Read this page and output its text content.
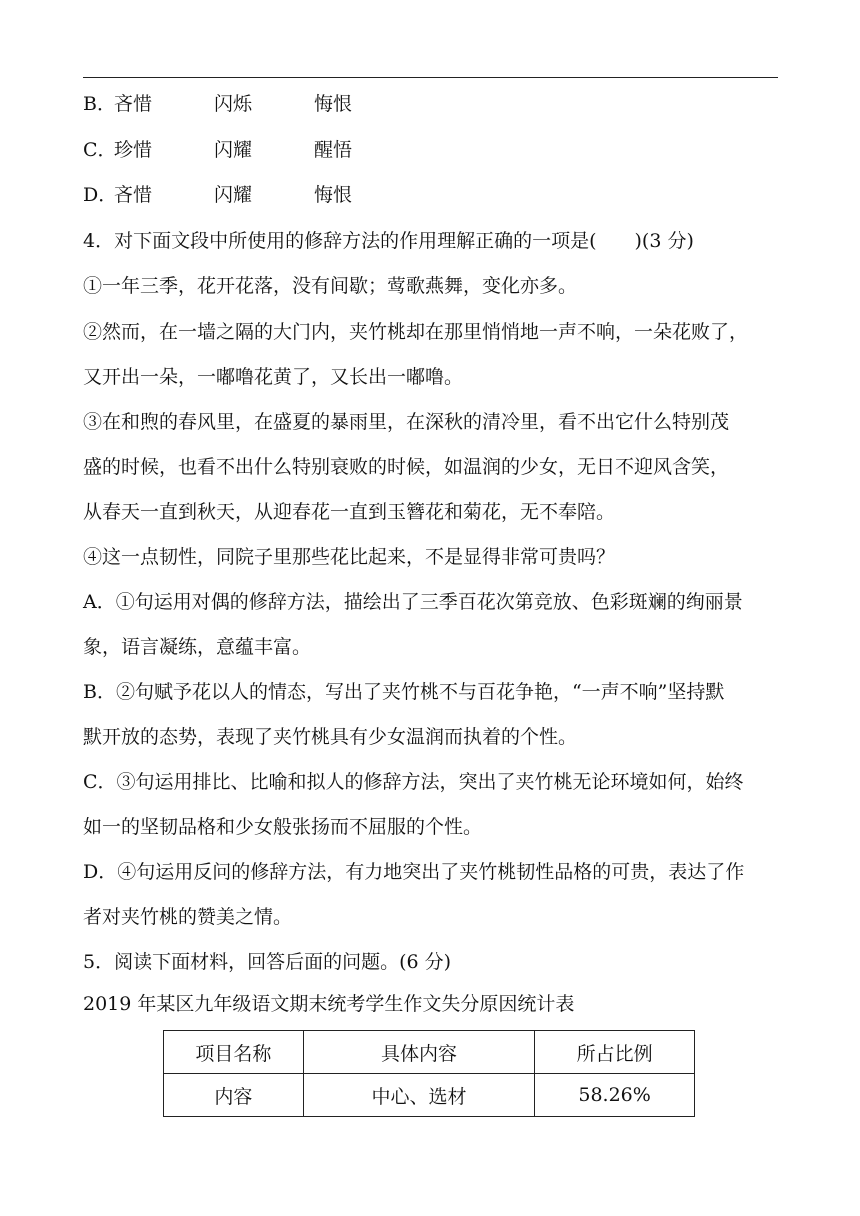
B．
吝惜	闪烁	悔恨
C．
珍惜	闪耀	醒悟
D．
吝惜	闪耀	悔恨
4．对下面文段中所使用的修辞方法的作用理解正确的一项是(　　)(3 分)
①一年三季，花开花落，没有间歇；莺歌燕舞，变化亦多。
②然而，在一墙之隔的大门内，夹竹桃却在那里悄悄地一声不响，一朵花败了，
又开出一朵，一嘟噜花黄了，又长出一嘟噜。
③在和煦的春风里，在盛夏的暴雨里，在深秋的清冷里，看不出它什么特别茂
盛的时候，也看不出什么特别衰败的时候，如温润的少女，无日不迎风含笑，
从春天一直到秋天，从迎春花一直到玉簪花和菊花，无不奉陪。
④这一点韧性，同院子里那些花比起来，不是显得非常可贵吗？
A．①句运用对偶的修辞方法，描绘出了三季百花次第竞放、色彩斑斓的绚丽景
象，语言凝练，意蕴丰富。
B．②句赋予花以人的情态，写出了夹竹桃不与百花争艳，“一声不响”坚持默
默开放的态势，表现了夹竹桃具有少女温润而执着的个性。
C．③句运用排比、比喻和拟人的修辞方法，突出了夹竹桃无论环境如何，始终
如一的坚韧品格和少女般张扬而不屈服的个性。
D．④句运用反问的修辞方法，有力地突出了夹竹桃韧性品格的可贵，表达了作
者对夹竹桃的赞美之情。
5．阅读下面材料，回答后面的问题。(6 分)
2019 年某区九年级语文期末统考学生作文失分原因统计表
项目名称	具体内容	所占比例
内容	中心、选材	58.26%
